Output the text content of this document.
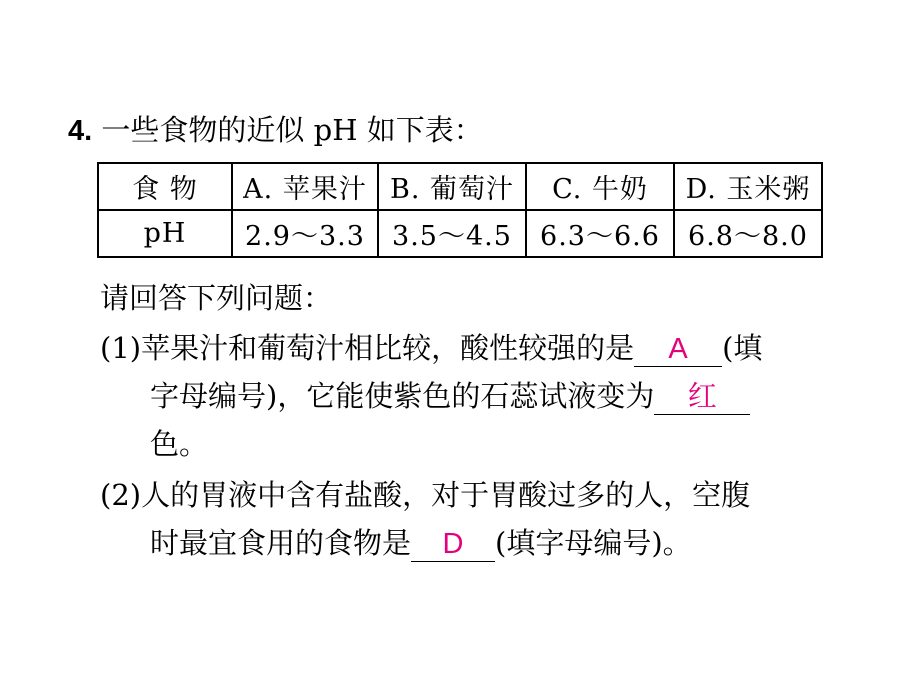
4. 一些食物的近似 pH 如下表：
食 物	A. 苹果汁	B. 葡萄汁	C. 牛奶	D. 玉米粥
pH	2.9～3.3	3.5～4.5	6.3～6.6	6.8～8.0
请回答下列问题：
(1)苹果汁和葡萄汁相比较，酸性较强的是 A (填
字母编号)，它能使紫色的石蕊试液变为 红
色。
(2)人的胃液中含有盐酸，对于胃酸过多的人，空腹
时最宜食用的食物是 D (填字母编号)。
